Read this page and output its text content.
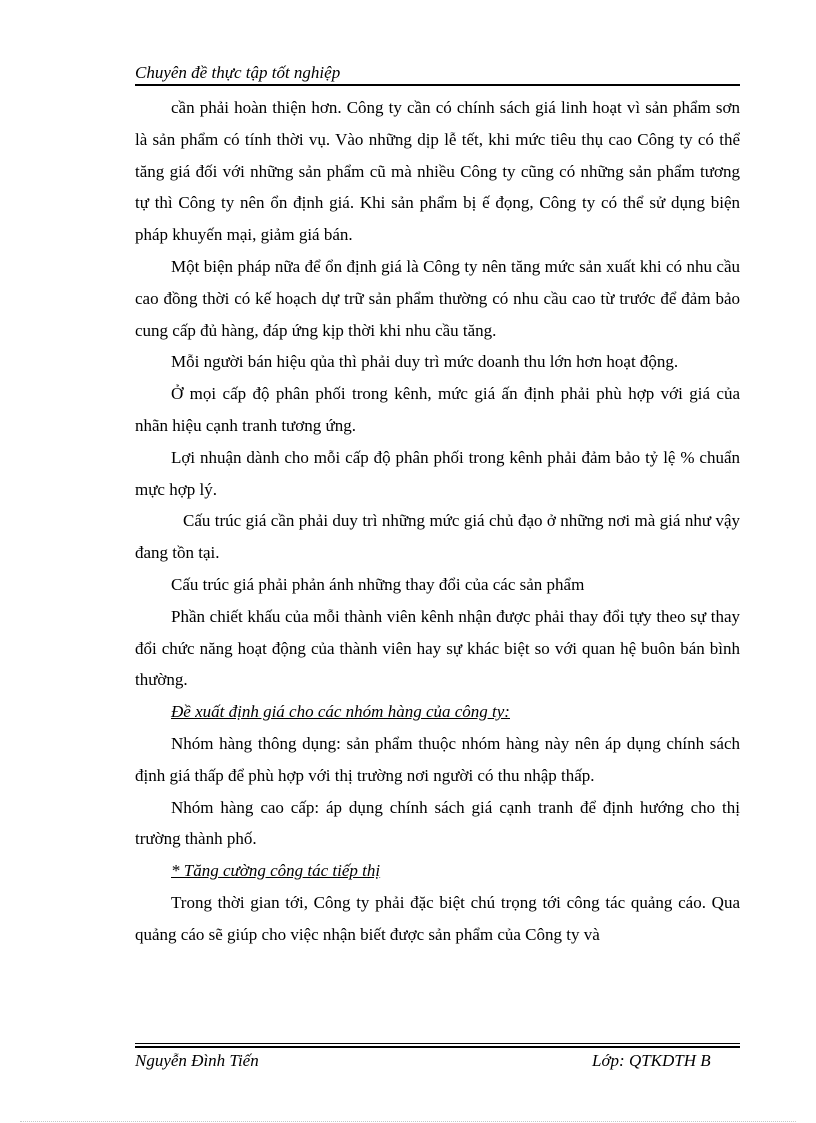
Chuyên đề thực tập tốt nghiệp

cần phải hoàn thiện hơn. Công ty cần có chính sách giá linh hoạt vì sản phẩm sơn là sản phẩm có tính thời vụ. Vào những dịp lễ tết, khi mức tiêu thụ cao Công ty có thể tăng giá đối với những sản phẩm cũ mà nhiều Công ty cũng có những sản phẩm tương tự thì Công ty nên ổn định giá. Khi sản phẩm bị ế đọng, Công ty có thể sử dụng biện pháp khuyến mại, giảm giá bán.

Một biện pháp nữa để ổn định giá là Công ty nên tăng mức sản xuất khi có nhu cầu cao đồng thời có kế hoạch dự trữ sản phẩm thường có nhu cầu cao từ trước để đảm bảo cung cấp đủ hàng, đáp ứng kịp thời khi nhu cầu tăng.

Mỗi người bán hiệu qủa thì phải duy trì mức doanh thu lớn hơn hoạt động.

Ở mọi cấp độ phân phối trong kênh, mức giá ấn định phải phù hợp với giá của nhãn hiệu cạnh tranh tương ứng.

Lợi nhuận dành cho mỗi cấp độ phân phối trong kênh phải đảm bảo tỷ lệ % chuẩn mực hợp lý.

Cấu trúc giá cần phải duy trì những mức giá chủ đạo ở những nơi mà giá như vậy đang tồn tại.

Cấu trúc giá phải phản ánh những thay đổi của các sản phẩm

Phần chiết khấu của mỗi thành viên kênh nhận được phải thay đổi tựy theo sự thay đổi chức năng hoạt động của thành viên hay sự khác biệt so với quan hệ buôn bán bình thường.

Đề xuất định giá cho các nhóm hàng của công ty:

Nhóm hàng thông dụng: sản phẩm thuộc nhóm hàng này nên áp dụng chính sách định giá thấp để phù hợp với thị trường nơi người có thu nhập thấp.

Nhóm hàng cao cấp: áp dụng chính sách giá cạnh tranh để định hướng cho thị trường thành phố.

* Tăng cường công tác tiếp thị

Trong thời gian tới, Công ty phải đặc biệt chú trọng tới công tác quảng cáo. Qua quảng cáo sẽ giúp cho việc nhận biết được sản phẩm của Công ty và

Nguyễn Đình Tiến	Lớp: QTKDTH B
